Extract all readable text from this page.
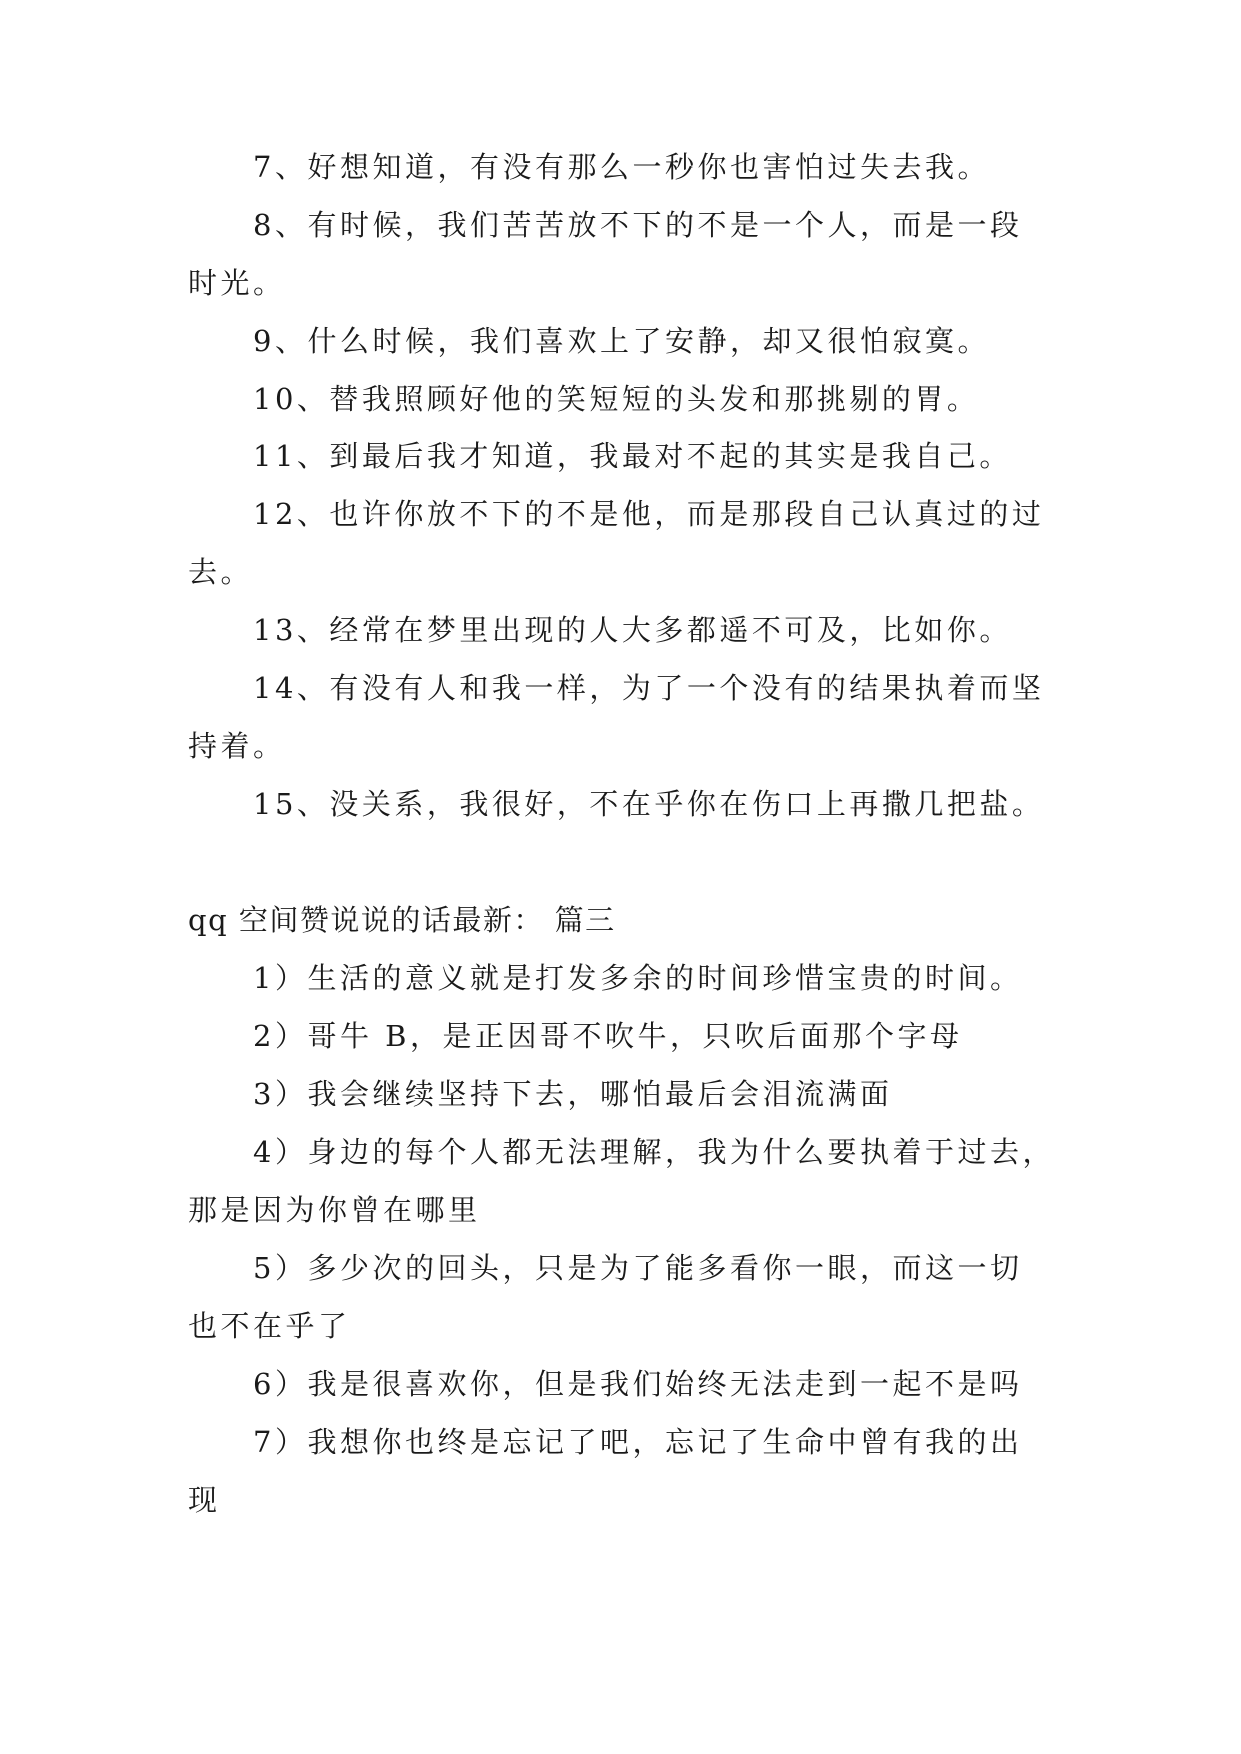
7、好想知道，有没有那么一秒你也害怕过失去我。
8、有时候，我们苦苦放不下的不是一个人，而是一段
时光。
9、什么时候，我们喜欢上了安静，却又很怕寂寞。
10、替我照顾好他的笑短短的头发和那挑剔的胃。
11、到最后我才知道，我最对不起的其实是我自己。
12、也许你放不下的不是他，而是那段自己认真过的过
去。
13、经常在梦里出现的人大多都遥不可及，比如你。
14、有没有人和我一样，为了一个没有的结果执着而坚
持着。
15、没关系，我很好，不在乎你在伤口上再撒几把盐。
qq 空间赞说说的话最新： 篇三
1）生活的意义就是打发多余的时间珍惜宝贵的时间。
2）哥牛 B，是正因哥不吹牛，只吹后面那个字母
3）我会继续坚持下去，哪怕最后会泪流满面
4）身边的每个人都无法理解，我为什么要执着于过去，
那是因为你曾在哪里
5）多少次的回头，只是为了能多看你一眼，而这一切
也不在乎了
6）我是很喜欢你，但是我们始终无法走到一起不是吗
7）我想你也终是忘记了吧，忘记了生命中曾有我的出
现
